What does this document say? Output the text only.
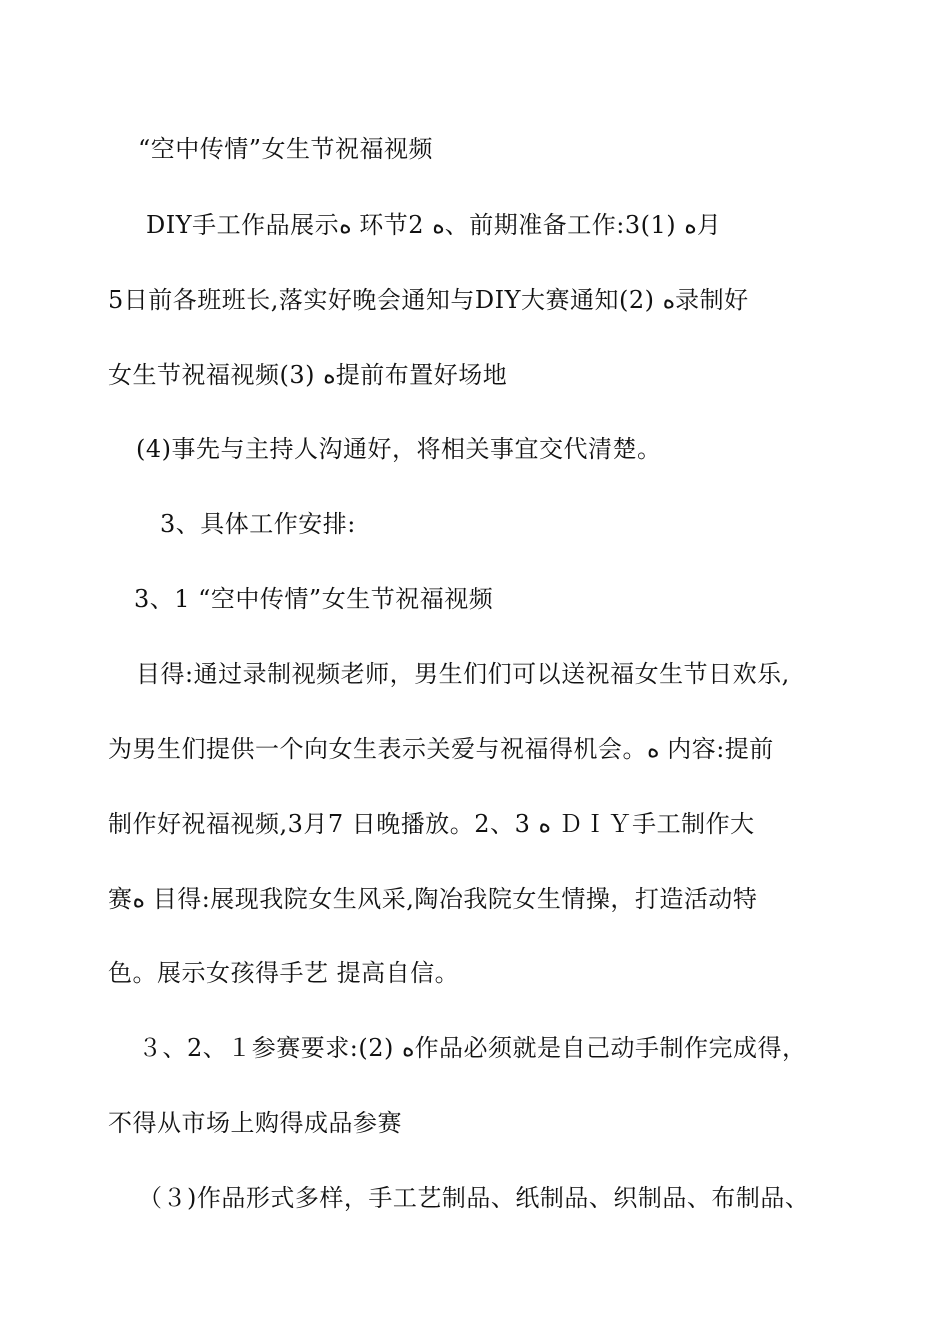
“空中传情”女生节祝福视频
DIY手工作品展示ﻩ 环节2 ﻩ、前期准备工作:3(1) ﻩ月
5日前各班班长,落实好晚会通知与DIY大赛通知(2) ﻩ录制好
女生节祝福视频(3) ﻩ提前布置好场地
(4)事先与主持人沟通好，将相关事宜交代清楚。
3、具体工作安排:
3、1 “空中传情”女生节祝福视频
目得:通过录制视频老师，男生们们可以送祝福女生节日欢乐,
为男生们提供一个向女生表示关爱与祝福得机会。ﻩ 内容:提前
制作好祝福视频,3月7 日晚播放。2、3 ﻩ ＤＩＹ手工制作大
赛ﻩ 目得:展现我院女生风采,陶冶我院女生情操，打造活动特
色。展示女孩得手艺 提高自信。
３、2、１参赛要求:(2) ﻩ作品必须就是自己动手制作完成得，
不得从市场上购得成品参赛
（３)作品形式多样，手工艺制品、纸制品、织制品、布制品、
